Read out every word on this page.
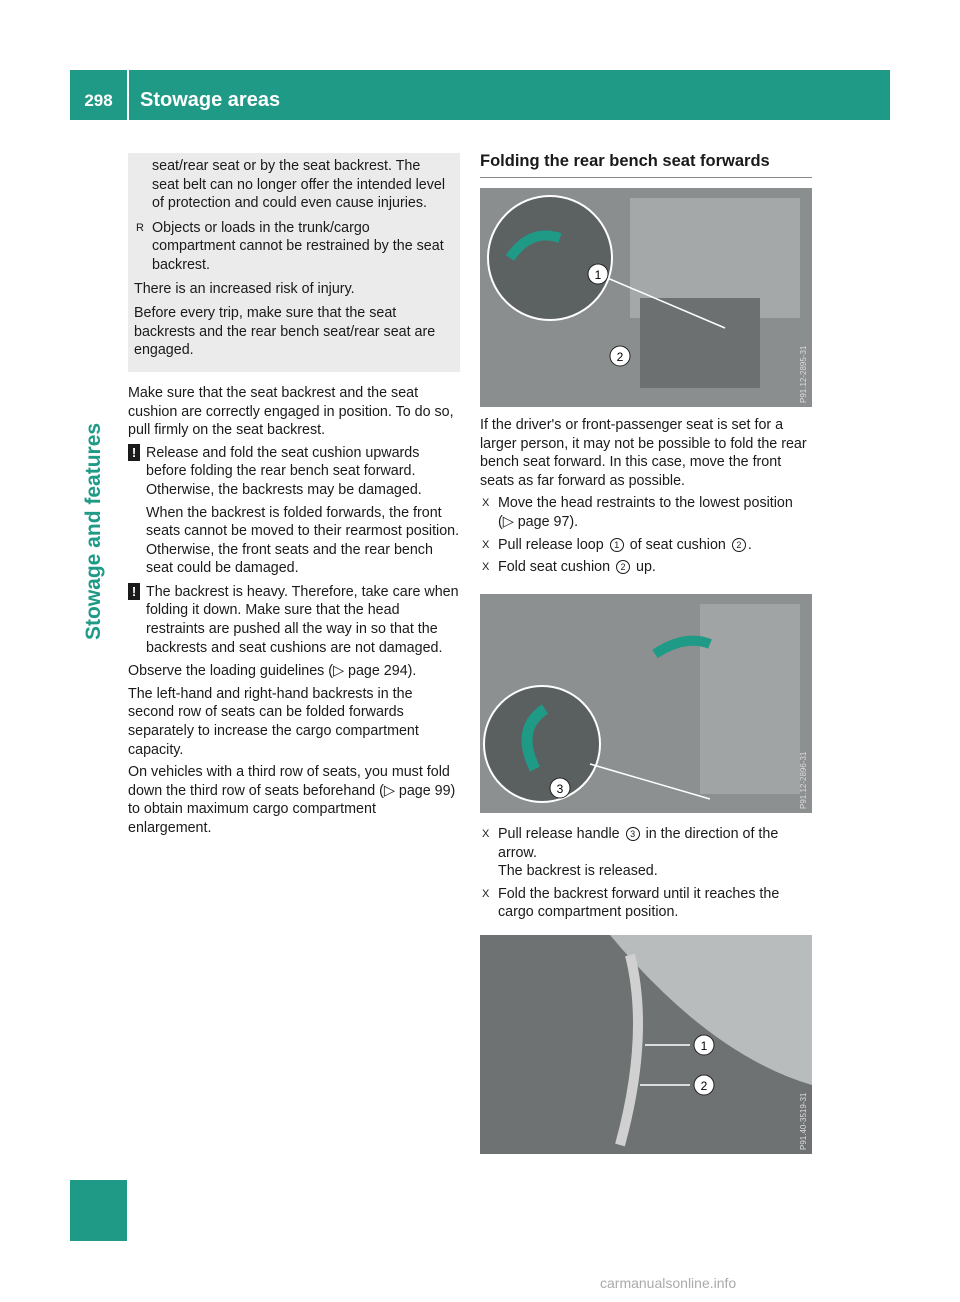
298	Stowage areas
Stowage and features

seat/rear seat or by the seat backrest. The seat belt can no longer offer the intended level of protection and could even cause injuries.

R Objects or loads in the trunk/cargo compartment cannot be restrained by the seat backrest.

There is an increased risk of injury.

Before every trip, make sure that the seat backrests and the rear bench seat/rear seat are engaged.

Make sure that the seat backrest and the seat cushion are correctly engaged in position. To do so, pull firmly on the seat backrest.

! Release and fold the seat cushion upwards before folding the rear bench seat forward. Otherwise, the backrests may be damaged.

When the backrest is folded forwards, the front seats cannot be moved to their rearmost position. Otherwise, the front seats and the rear bench seat could be damaged.

! The backrest is heavy. Therefore, take care when folding it down. Make sure that the head restraints are pushed all the way in so that the backrests and seat cushions are not damaged.

Observe the loading guidelines (▷ page 294).

The left-hand and right-hand backrests in the second row of seats can be folded forwards separately to increase the cargo compartment capacity.

On vehicles with a third row of seats, you must fold down the third row of seats beforehand (▷ page 99) to obtain maximum cargo compartment enlargement.

Folding the rear bench seat forwards
1
2	P91.12-2895-31

If the driver's or front-passenger seat is set for a larger person, it may not be possible to fold the rear bench seat forward. In this case, move the front seats as far forward as possible.

X Move the head restraints to the lowest position (▷ page 97).
X Pull release loop 1 of seat cushion 2 .
X Fold seat cushion 2 up.
3	P91.12-2896-31
X Pull release handle 3 in the direction of the arrow.
The backrest is released.
X Fold the backrest forward until it reaches the cargo compartment position.
1
2
P91.40-3519-31
carmanualsonline.info
